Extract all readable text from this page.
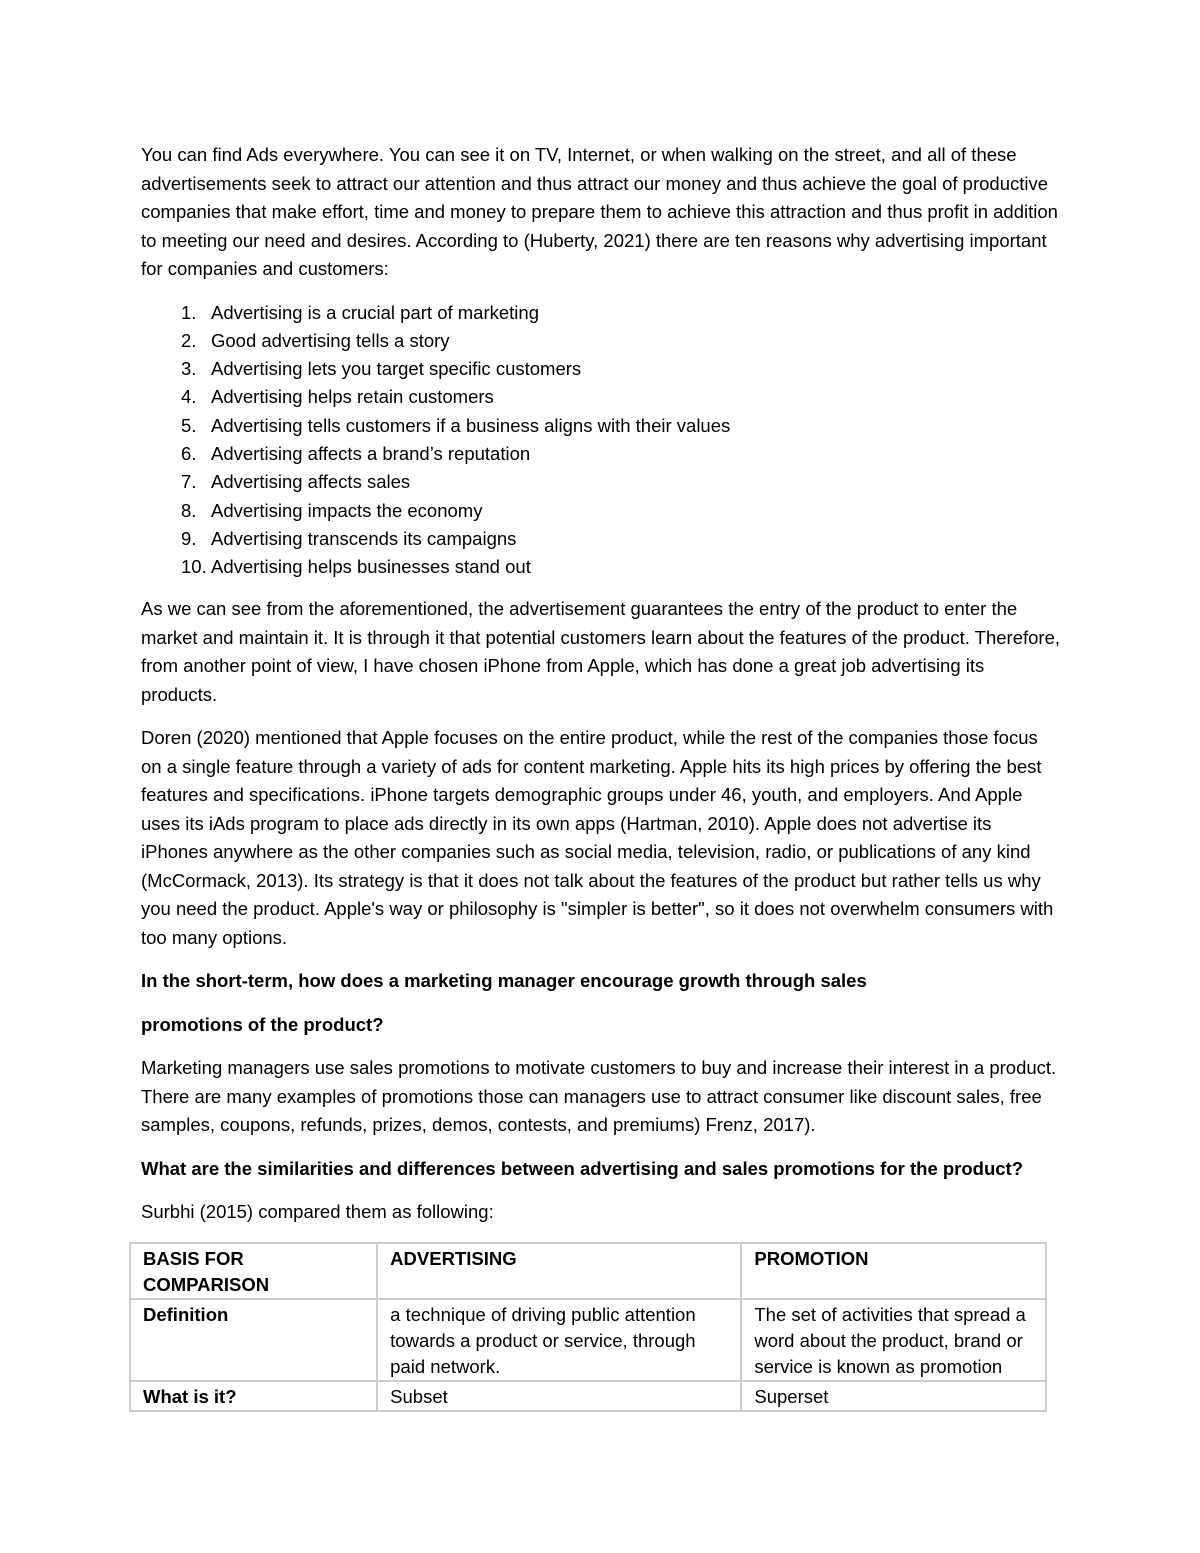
You can find Ads everywhere. You can see it on TV, Internet, or when walking on the street, and all of these advertisements seek to attract our attention and thus attract our money and thus achieve the goal of productive companies that make effort, time and money to prepare them to achieve this attraction and thus profit in addition to meeting our need and desires. According to (Huberty, 2021) there are ten reasons why advertising important for companies and customers:

1. Advertising is a crucial part of marketing
2. Good advertising tells a story
3. Advertising lets you target specific customers
4. Advertising helps retain customers
5. Advertising tells customers if a business aligns with their values
6. Advertising affects a brand’s reputation
7. Advertising affects sales
8. Advertising impacts the economy
9. Advertising transcends its campaigns
10. Advertising helps businesses stand out

As we can see from the aforementioned, the advertisement guarantees the entry of the product to enter the market and maintain it. It is through it that potential customers learn about the features of the product. Therefore, from another point of view, I have chosen iPhone from Apple, which has done a great job advertising its products.

Doren (2020) mentioned that Apple focuses on the entire product, while the rest of the companies those focus on a single feature through a variety of ads for content marketing. Apple hits its high prices by offering the best features and specifications. iPhone targets demographic groups under 46, youth, and employers. And Apple uses its iAds program to place ads directly in its own apps (Hartman, 2010). Apple does not advertise its iPhones anywhere as the other companies such as social media, television, radio, or publications of any kind (McCormack, 2013). Its strategy is that it does not talk about the features of the product but rather tells us why you need the product. Apple's way or philosophy is "simpler is better", so it does not overwhelm consumers with too many options.

In the short-term, how does a marketing manager encourage growth through sales

promotions of the product?

Marketing managers use sales promotions to motivate customers to buy and increase their interest in a product. There are many examples of promotions those can managers use to attract consumer like discount sales, free samples, coupons, refunds, prizes, demos, contests, and premiums) Frenz, 2017).

What are the similarities and differences between advertising and sales promotions for the product?

Surbhi (2015) compared them as following:

BASIS FOR COMPARISON	ADVERTISING	PROMOTION
Definition	a technique of driving public attention towards a product or service, through paid network.	The set of activities that spread a word about the product, brand or service is known as promotion
What is it?	Subset	Superset
